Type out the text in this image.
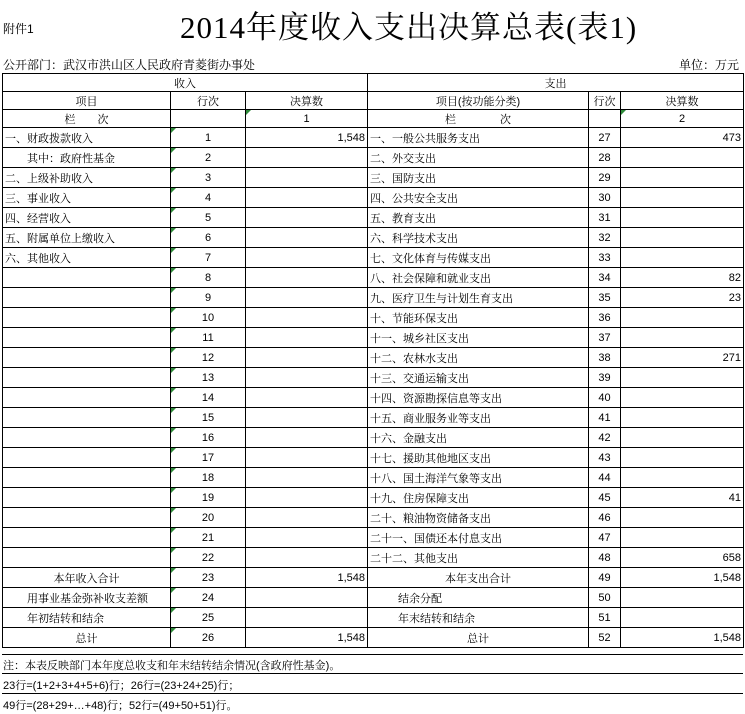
附件1	2014年度收入支出决算总表(表1)
公开部门：武汉市洪山区人民政府青菱街办事处	单位：万元
收入			支出		
项目	行次	决算数	项目(按功能分类)	行次	决算数
栏　　次		1	栏　　　　次		2
一、财政拨款收入	1	1,548	一、一般公共服务支出	27	473
其中：政府性基金	2		二、外交支出	28	
二、上级补助收入	3		三、国防支出	29	
三、事业收入	4		四、公共安全支出	30	
四、经营收入	5		五、教育支出	31	
五、附属单位上缴收入	6		六、科学技术支出	32	
六、其他收入	7		七、文化体育与传媒支出	33	
	8		八、社会保障和就业支出	34	82
	9		九、医疗卫生与计划生育支出	35	23
	10		十、节能环保支出	36	
	11		十一、城乡社区支出	37	
	12		十二、农林水支出	38	271
	13		十三、交通运输支出	39	
	14		十四、资源勘探信息等支出	40	
	15		十五、商业服务业等支出	41	
	16		十六、金融支出	42	
	17		十七、援助其他地区支出	43	
	18		十八、国土海洋气象等支出	44	
	19		十九、住房保障支出	45	41
	20		二十、粮油物资储备支出	46	
	21		二十一、国债还本付息支出	47	
	22		二十二、其他支出	48	658
本年收入合计	23	1,548	本年支出合计	49	1,548
用事业基金弥补收支差额	24		结余分配	50	
年初结转和结余	25		年末结转和结余	51	
总计	26	1,548	总计	52	1,548
注：本表反映部门本年度总收支和年末结转结余情况(含政府性基金)。
23行=(1+2+3+4+5+6)行；26行=(23+24+25)行；
49行=(28+29+…+48)行；52行=(49+50+51)行。
